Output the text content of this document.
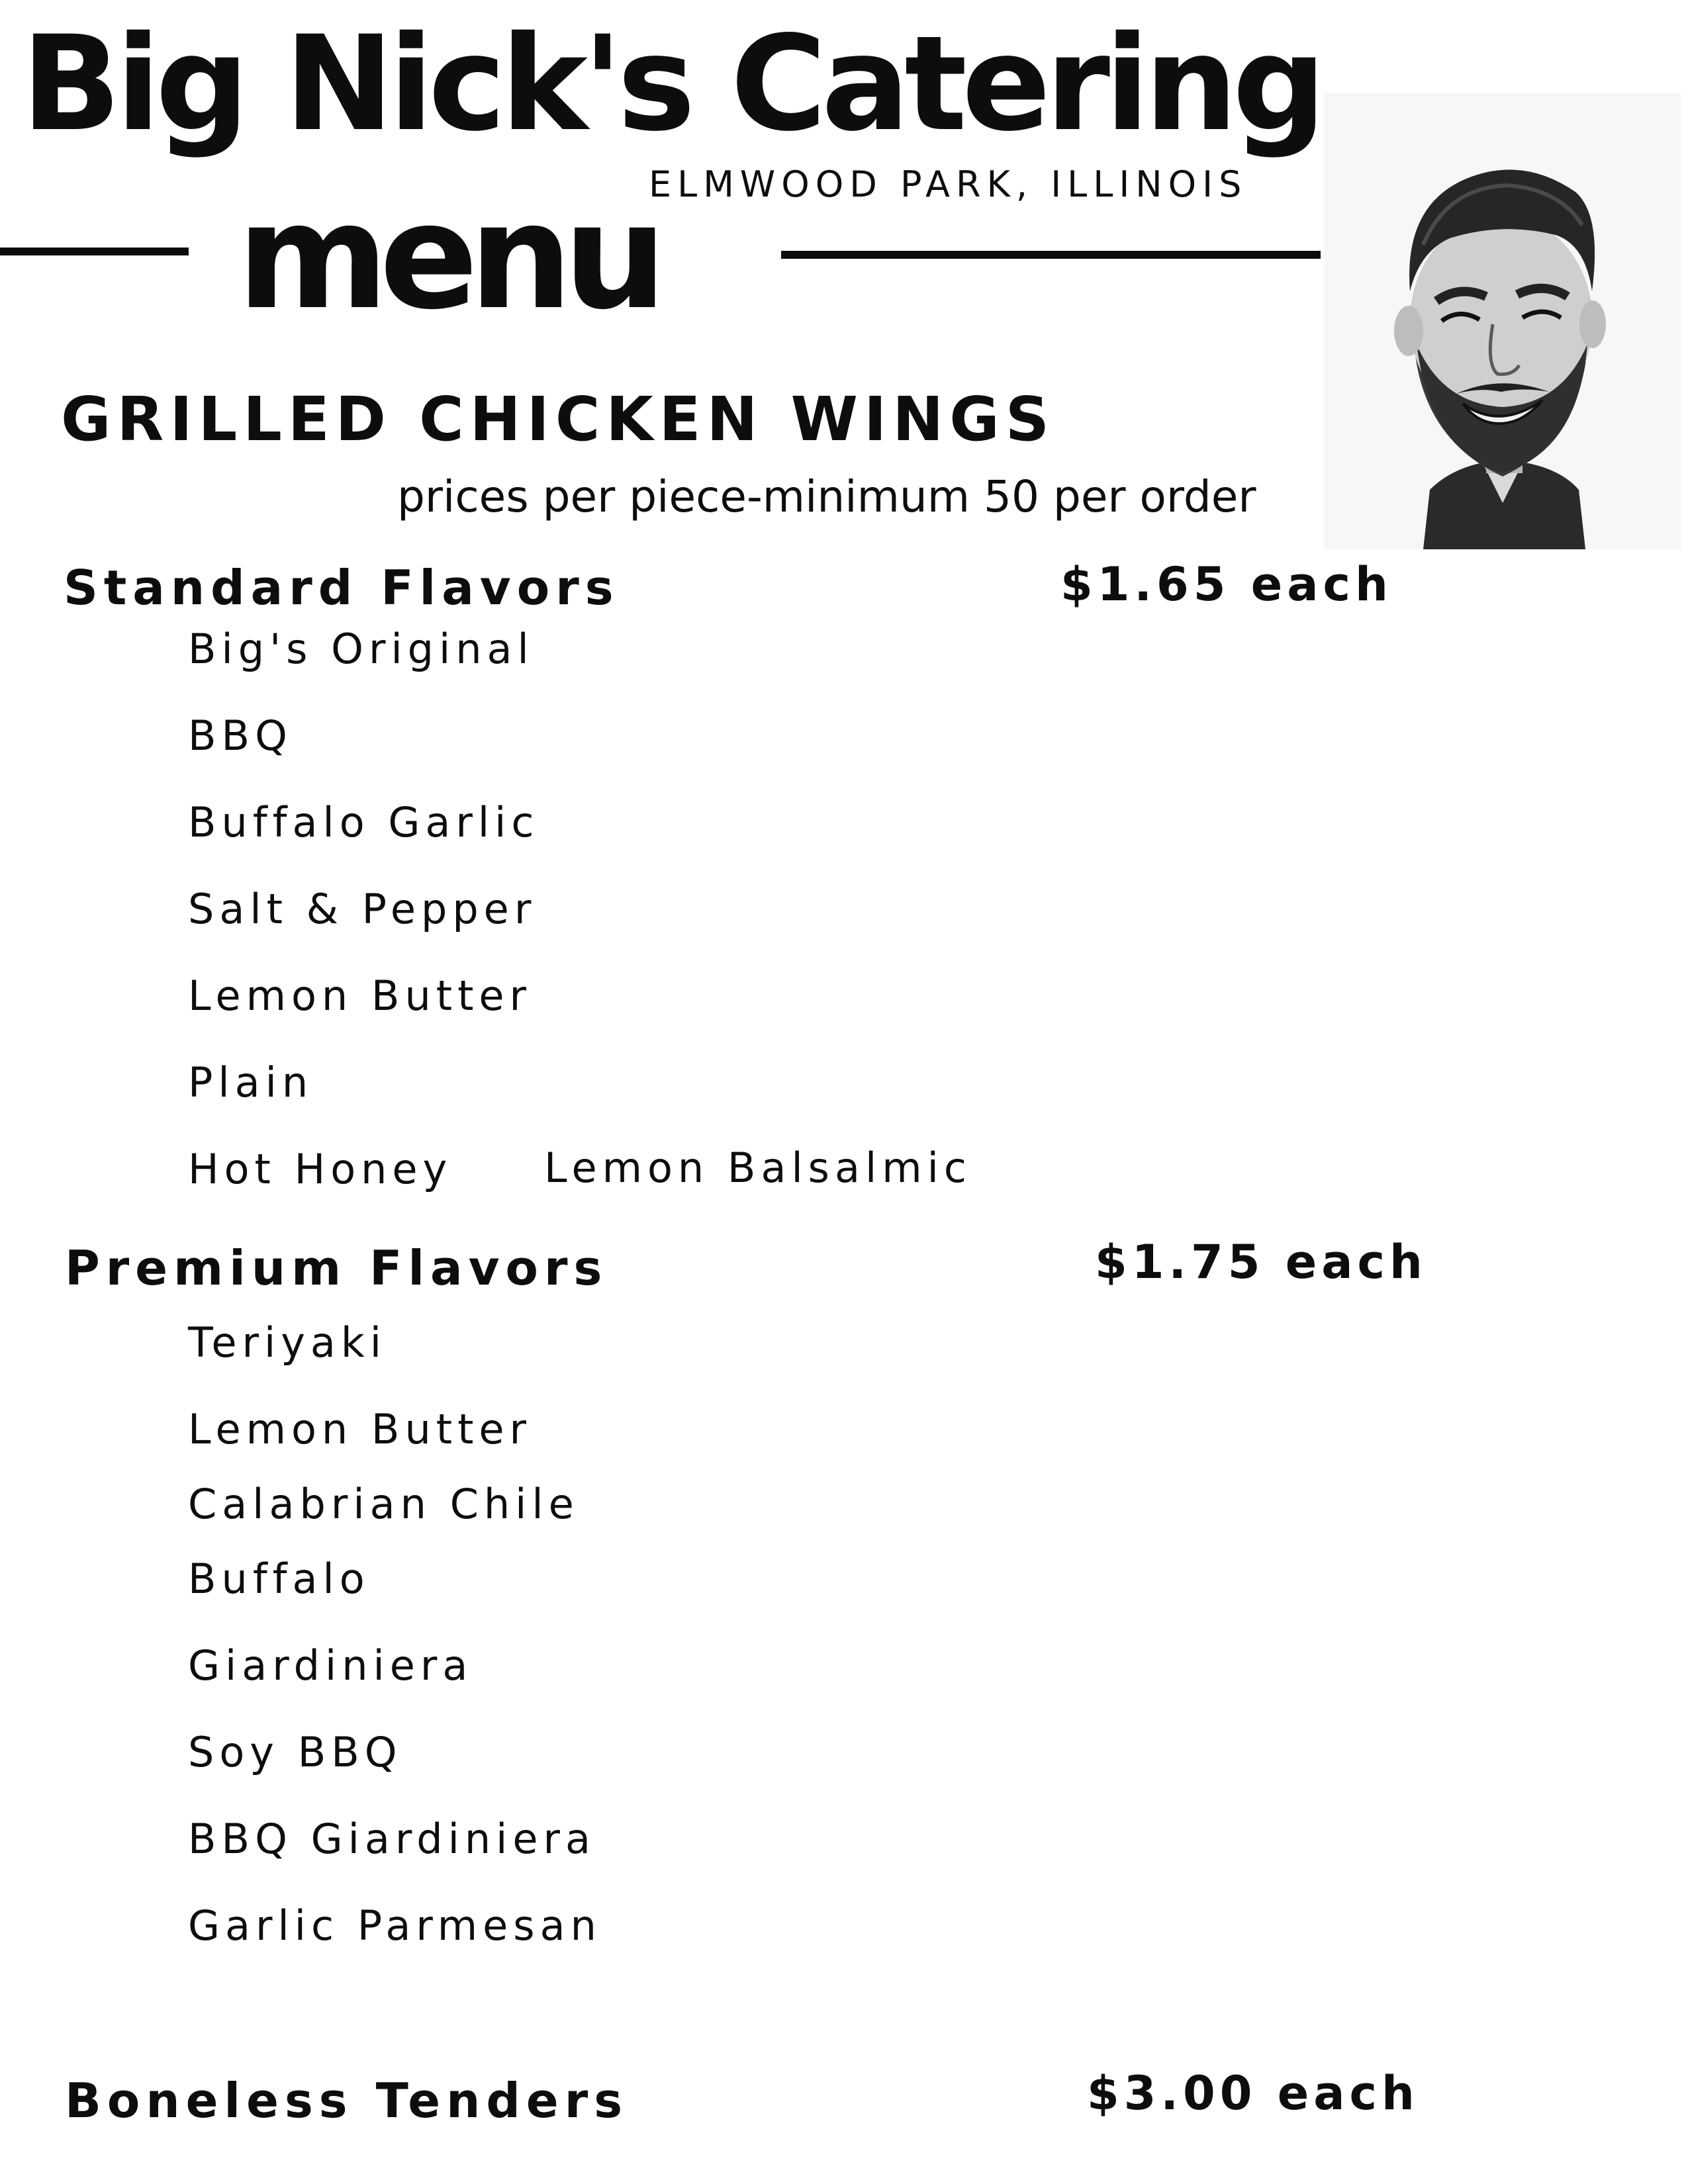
Big Nick's Catering
ELMWOOD PARK, ILLINOIS
menu
GRILLED CHICKEN WINGS
prices per piece-minimum 50 per order
Standard Flavors	$1.65 each
Big's Original
BBQ
Buffalo Garlic
Salt & Pepper
Lemon Butter
Plain
Hot Honey Lemon Balsalmic
Premium Flavors	$1.75 each
Teriyaki
Lemon Butter
Calabrian Chile
Buffalo
Giardiniera
Soy BBQ
BBQ Giardiniera
Garlic Parmesan
Boneless Tenders	$3.00 each
